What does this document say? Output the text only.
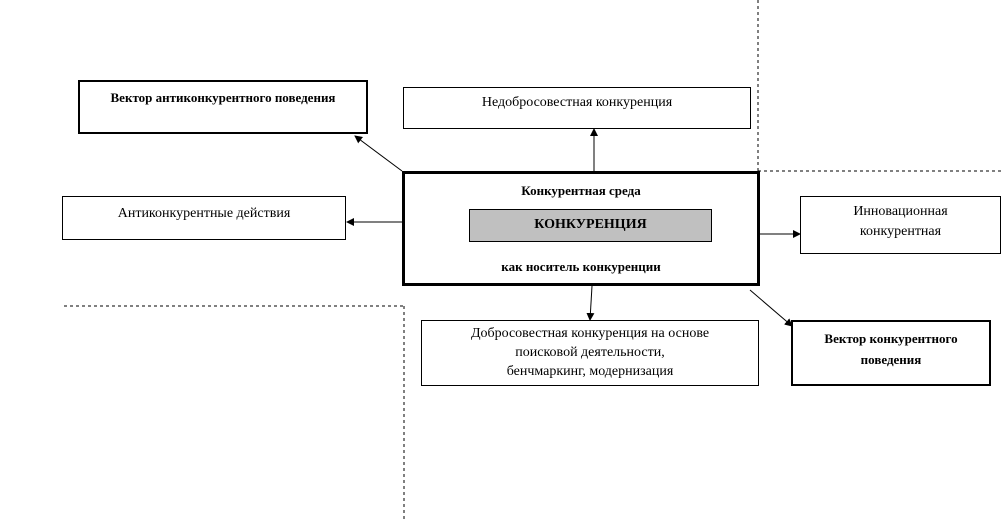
Вектор антиконкурентного поведения	Недобросовестная конкуренция
Антиконкурентные действия
Конкурентная среда
КОНКУРЕНЦИЯ
как носитель конкуренции
Инновационная
конкурентная
Добросовестная конкуренция на основе
поисковой деятельности,
бенчмаркинг, модернизация
Вектор конкурентного поведения
